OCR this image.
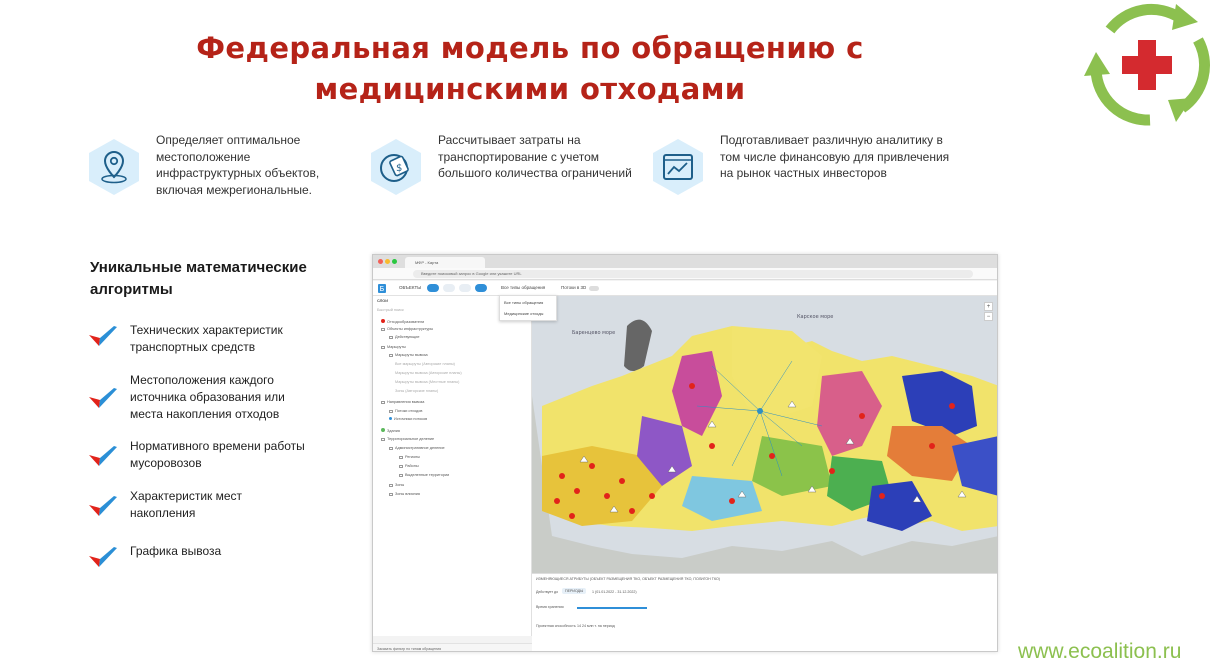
Федеральная модель по обращению с
медицинскими отходами
Определяет оптимальное местоположение инфраструктурных объектов, включая межрегиональные.
$
Рассчитывает затраты на транспортирование с учетом большого количества ограничений
Подготавливает различную аналитику в том числе финансовую для привлечения на рынок частных инвесторов
Уникальные математические алгоритмы
Технических характеристик транспортных средств
Местоположения каждого источника образования или места накопления отходов
Нормативного времени работы мусоровозов
Характеристик мест накопления
Графика вывоза
МФР - Карта
Введите поисковый запрос в Google или укажите URL
Б	ОБЪЕКТЫ	Все типы обращения	Потоки в 3D
СЛОИ
Быстрый поиск
Отходообразователи
Объекты инфраструктуры
Действующие
Маршруты
Маршруты вывоза
Все маршруты (Авторские планы)
Маршруты вывоза (Авторские планы)
Маршруты вывоза (Местные планы)
Зоны (Авторские планы)
Направления вывоза
Потоки отходов
Источники потоков
Здания
Территориальное деление
Административное деление
Регионы
Районы
Выделенные территории
Зоны
Зоны влияния
Баренцево море
Карское море
+
−
Все типы обращения
Медицинские отходы
ИЗМЕНЯЮЩИЕСЯ АТРИБУТЫ (ОБЪЕКТ РАЗМЕЩЕНИЯ ТКО, ОБЪЕКТ РАЗМЕЩЕНИЯ ТКО, ПОЛИГОН ТКО)
Действует до	ПЕРИОДЫ	1 (01.01.2022 - 31.12.2022)
Время хранения
Проектная способность 14 24 млн т. на период
Заказать фильтр по типам обращения	www.ecoalition.ru
